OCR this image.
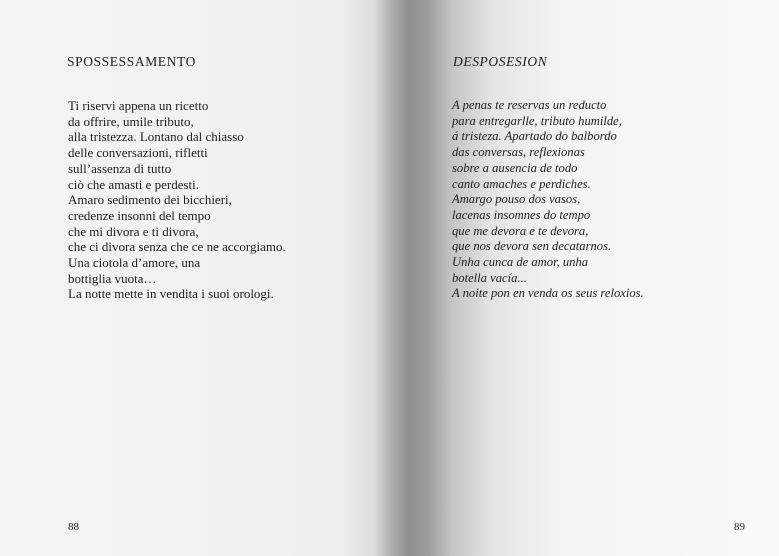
SPOSSESSAMENTO
Ti riservi appena un ricetto
da offrire, umile tributo,
alla tristezza. Lontano dal chiasso
delle conversazioni, rifletti
sull’assenza di tutto
ciò che amasti e perdesti.
Amaro sedimento dei bicchieri,
credenze insonni del tempo
che mi divora e ti divora,
che ci divora senza che ce ne accorgiamo.
Una ciotola d’amore, una
bottiglia vuota…
La notte mette in vendita i suoi orologi.
88
DESPOSESION
A penas te reservas un reducto
para entregarlle, tributo humilde,
á tristeza. Apartado do balbordo
das conversas, reflexionas
sobre a ausencia de todo
canto amaches e perdiches.
Amargo pouso dos vasos,
lacenas insomnes do tempo
que me devora e te devora,
que nos devora sen decatarnos.
Unha cunca de amor, unha
botella vacía...
A noite pon en venda os seus reloxios.
89
